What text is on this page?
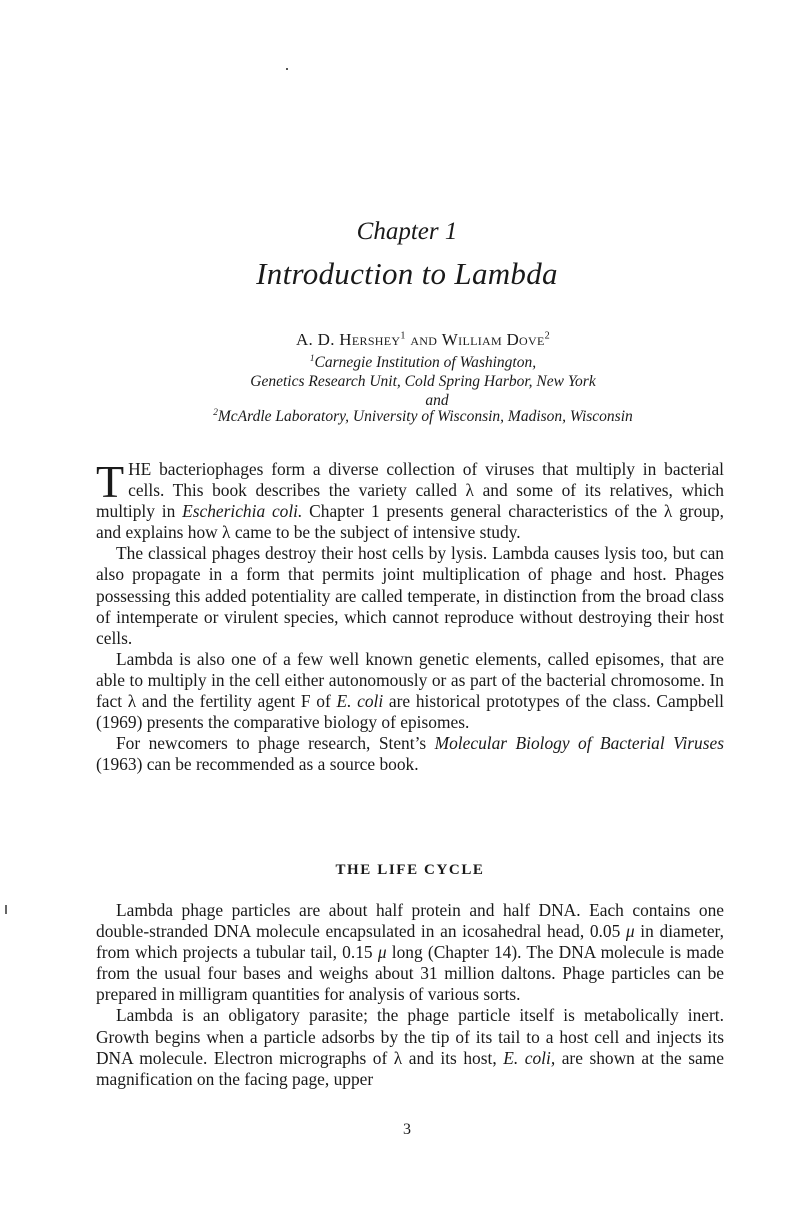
Chapter 1
Introduction to Lambda
A. D. Hershey$^1$ and William Dove$^2$
$^1$Carnegie Institution of Washington,
Genetics Research Unit, Cold Spring Harbor, New York
and
$^2$McArdle Laboratory, University of Wisconsin, Madison, Wisconsin
THE bacteriophages form a diverse collection of viruses that multiply in bacterial cells. This book describes the variety called λ and some of its relatives, which multiply in Escherichia coli. Chapter 1 presents general characteristics of the λ group, and explains how λ came to be the subject of intensive study.
The classical phages destroy their host cells by lysis. Lambda causes lysis too, but can also propagate in a form that permits joint multiplication of phage and host. Phages possessing this added potentiality are called temperate, in distinction from the broad class of intemperate or virulent species, which cannot reproduce without destroying their host cells.
Lambda is also one of a few well known genetic elements, called episomes, that are able to multiply in the cell either autonomously or as part of the bacterial chromosome. In fact λ and the fertility agent F of E. coli are historical prototypes of the class. Campbell (1969) presents the comparative biology of episomes.
For newcomers to phage research, Stent’s Molecular Biology of Bacterial Viruses (1963) can be recommended as a source book.
THE LIFE CYCLE
Lambda phage particles are about half protein and half DNA. Each contains one double-stranded DNA molecule encapsulated in an icosahedral head, 0.05 μ in diameter, from which projects a tubular tail, 0.15 μ long (Chapter 14). The DNA molecule is made from the usual four bases and weighs about 31 million daltons. Phage particles can be prepared in milligram quantities for analysis of various sorts.
Lambda is an obligatory parasite; the phage particle itself is metabolically inert. Growth begins when a particle adsorbs by the tip of its tail to a host cell and injects its DNA molecule. Electron micrographs of λ and its host, E. coli, are shown at the same magnification on the facing page, upper
3
